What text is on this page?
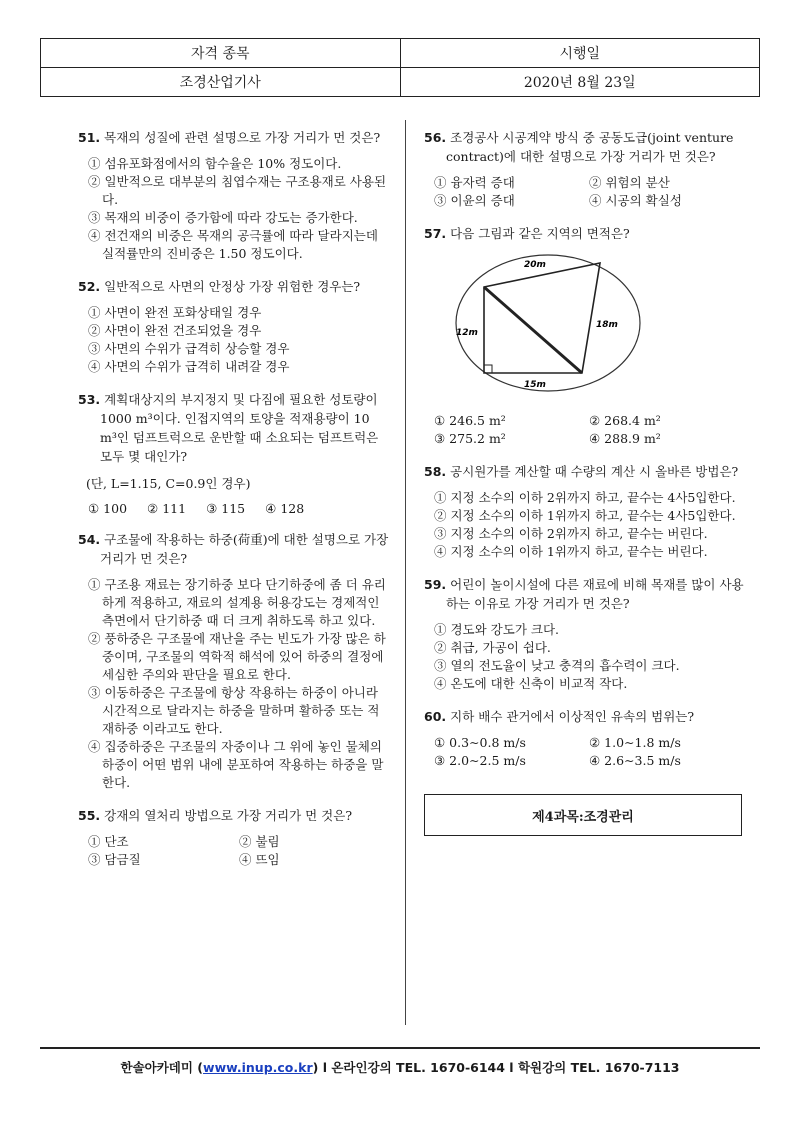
자격 종목	시행일
조경산업기사	2020년 8월 23일
51. 목재의 성질에 관련 설명으로 가장 거리가 먼 것은?
① 섬유포화점에서의 함수율은 10% 정도이다.
② 일반적으로 대부분의 침엽수재는 구조용재로 사용된다.
③ 목재의 비중이 증가함에 따라 강도는 증가한다.
④ 전건재의 비중은 목재의 공극률에 따라 달라지는데 실적률만의 진비중은 1.50 정도이다.
52. 일반적으로 사면의 안정상 가장 위험한 경우는?
① 사면이 완전 포화상태일 경우
② 사면이 완전 건조되었을 경우
③ 사면의 수위가 급격히 상승할 경우
④ 사면의 수위가 급격히 내려갈 경우
53. 계획대상지의 부지정지 및 다짐에 필요한 성토량이 1000 m³이다. 인접지역의 토양을 적재용량이 10 m³인 덤프트럭으로 운반할 때 소요되는 덤프트럭은 모두 몇 대인가?
(단, L=1.15, C=0.9인 경우)
① 100 ② 111 ③ 115 ④ 128
54. 구조물에 작용하는 하중(荷重)에 대한 설명으로 가장 거리가 먼 것은?
① 구조용 재료는 장기하중 보다 단기하중에 좀 더 유리하게 적용하고, 재료의 설계용 허용강도는 경제적인 측면에서 단기하중 때 더 크게 취하도록 하고 있다.
② 풍하중은 구조물에 재난을 주는 빈도가 가장 많은 하중이며, 구조물의 역학적 해석에 있어 하중의 결정에 세심한 주의와 판단을 필요로 한다.
③ 이동하중은 구조물에 항상 작용하는 하중이 아니라 시간적으로 달라지는 하중을 말하며 활하중 또는 적재하중 이라고도 한다.
④ 집중하중은 구조물의 자중이나 그 위에 놓인 물체의 하중이 어떤 범위 내에 분포하여 작용하는 하중을 말한다.
55. 강재의 열처리 방법으로 가장 거리가 먼 것은?
① 단조	② 불림
③ 담금질	④ 뜨임
56. 조경공사 시공계약 방식 중 공동도급(joint venture contract)에 대한 설명으로 가장 거리가 먼 것은?
① 융자력 증대	② 위험의 분산
③ 이윤의 증대	④ 시공의 확실성
57. 다음 그림과 같은 지역의 면적은?
20m
18m
12m
15m
① 246.5 m²	② 268.4 m²
③ 275.2 m²	④ 288.9 m²
58. 공시원가를 계산할 때 수량의 계산 시 올바른 방법은?
① 지정 소수의 이하 2위까지 하고, 끝수는 4사5입한다.
② 지정 소수의 이하 1위까지 하고, 끝수는 4사5입한다.
③ 지정 소수의 이하 2위까지 하고, 끝수는 버린다.
④ 지정 소수의 이하 1위까지 하고, 끝수는 버린다.
59. 어린이 놀이시설에 다른 재료에 비해 목재를 많이 사용하는 이유로 가장 거리가 먼 것은?
① 경도와 강도가 크다.
② 취급, 가공이 쉽다.
③ 열의 전도율이 낮고 충격의 흡수력이 크다.
④ 온도에 대한 신축이 비교적 작다.
60. 지하 배수 관거에서 이상적인 유속의 범위는?
① 0.3∼0.8 m/s	② 1.0∼1.8 m/s
③ 2.0∼2.5 m/s	④ 2.6∼3.5 m/s
제4과목:조경관리
한솔아카데미 (www.inup.co.kr) l 온라인강의 TEL. 1670-6144 l 학원강의 TEL. 1670-7113
